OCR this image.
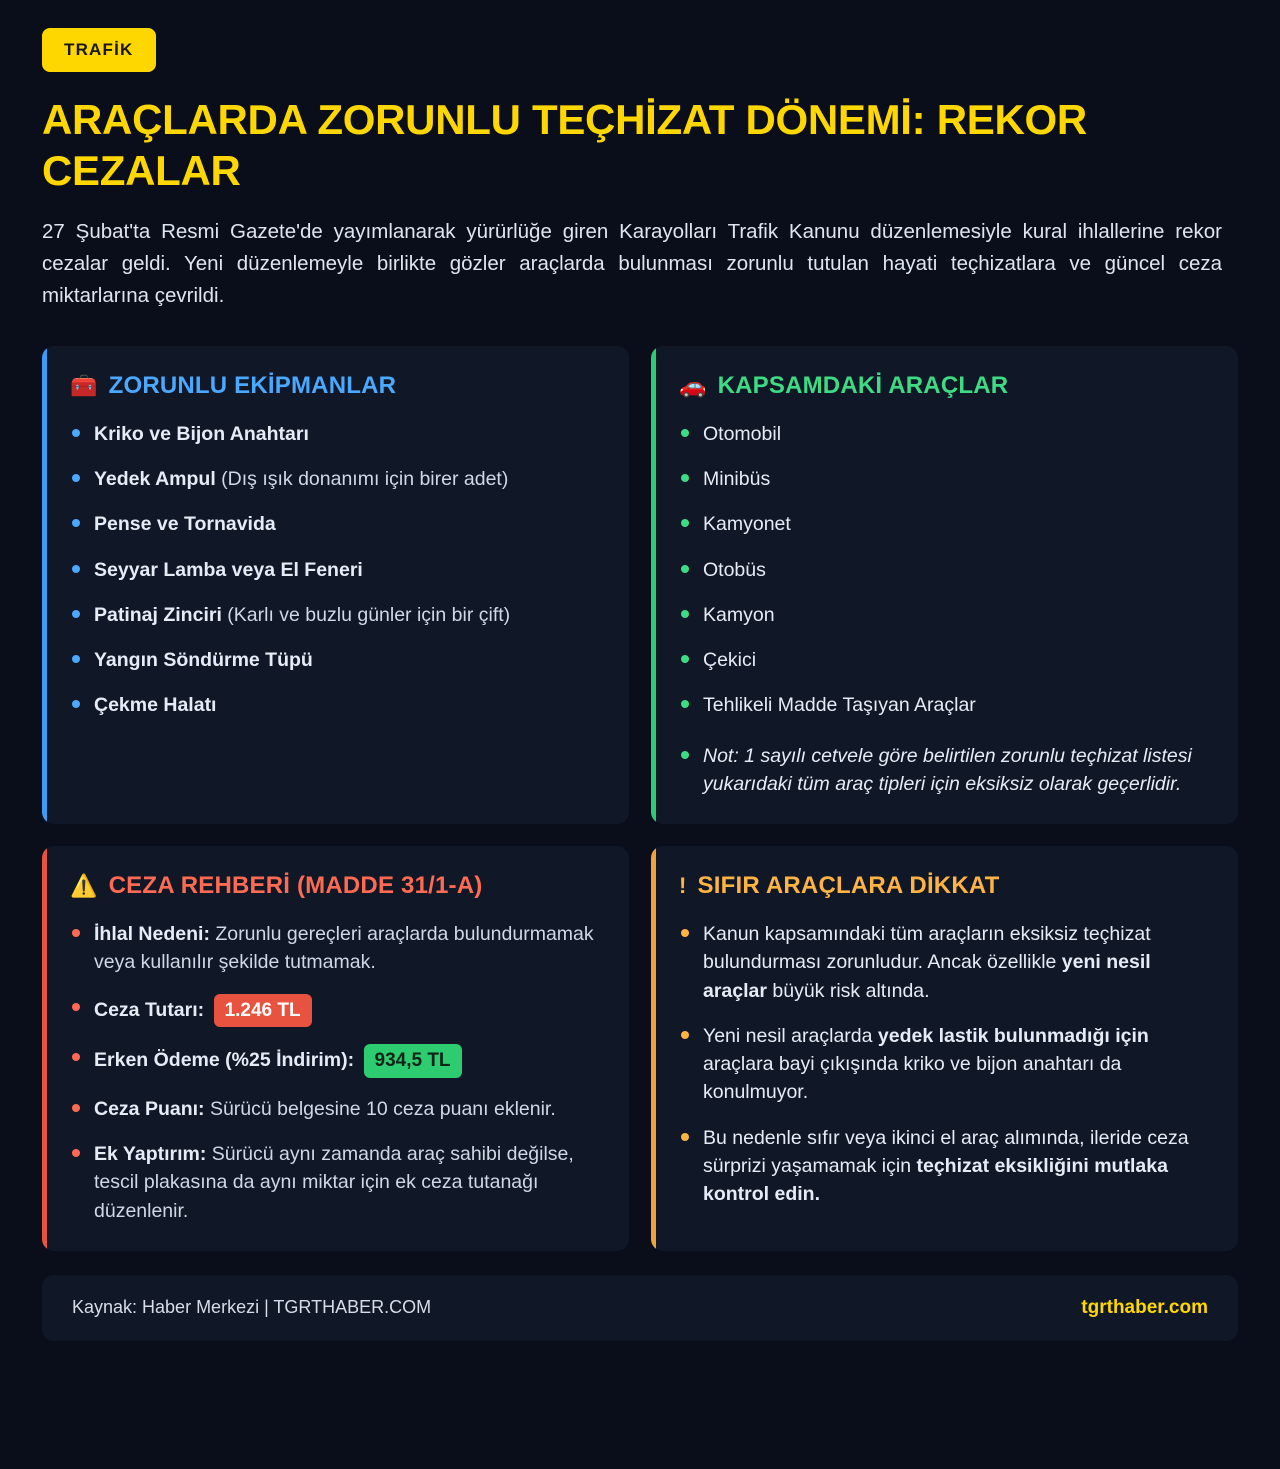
TRAFİK
ARAÇLARDA ZORUNLU TEÇHİZAT DÖNEMİ: REKOR CEZALAR

27 Şubat'ta Resmi Gazete'de yayımlanarak yürürlüğe giren Karayolları Trafik Kanunu düzenlemesiyle kural ihlallerine rekor cezalar geldi. Yeni düzenlemeyle birlikte gözler araçlarda bulunması zorunlu tutulan hayati teçhizatlara ve güncel ceza miktarlarına çevrildi.

🧰 ZORUNLU EKİPMANLAR
Kriko ve Bijon Anahtarı
Yedek Ampul (Dış ışık donanımı için birer adet)
Pense ve Tornavida
Seyyar Lamba veya El Feneri
Patinaj Zinciri (Karlı ve buzlu günler için bir çift)
Yangın Söndürme Tüpü
Çekme Halatı
🚗 KAPSAMDAKİ ARAÇLAR
Otomobil
Minibüs
Kamyonet
Otobüs
Kamyon
Çekici
Tehlikeli Madde Taşıyan Araçlar
Not: 1 sayılı cetvele göre belirtilen zorunlu teçhizat listesi yukarıdaki tüm araç tipleri için eksiksiz olarak geçerlidir.
⚠️ CEZA REHBERİ (MADDE 31/1-A)
İhlal Nedeni: Zorunlu gereçleri araçlarda bulundurmamak veya kullanılır şekilde tutmamak.
Ceza Tutarı: 1.246 TL
Erken Ödeme (%25 İndirim): 934,5 TL
Ceza Puanı: Sürücü belgesine 10 ceza puanı eklenir.
Ek Yaptırım: Sürücü aynı zamanda araç sahibi değilse, tescil plakasına da aynı miktar için ek ceza tutanağı düzenlenir.
! SIFIR ARAÇLARA DİKKAT
Kanun kapsamındaki tüm araçların eksiksiz teçhizat bulundurması zorunludur. Ancak özellikle yeni nesil araçlar büyük risk altında.
Yeni nesil araçlarda yedek lastik bulunmadığı için araçlara bayi çıkışında kriko ve bijon anahtarı da konulmuyor.
Bu nedenle sıfır veya ikinci el araç alımında, ileride ceza sürprizi yaşamamak için teçhizat eksikliğini mutlaka kontrol edin.
Kaynak: Haber Merkezi | TGRTHABER.COM	tgrthaber.com
